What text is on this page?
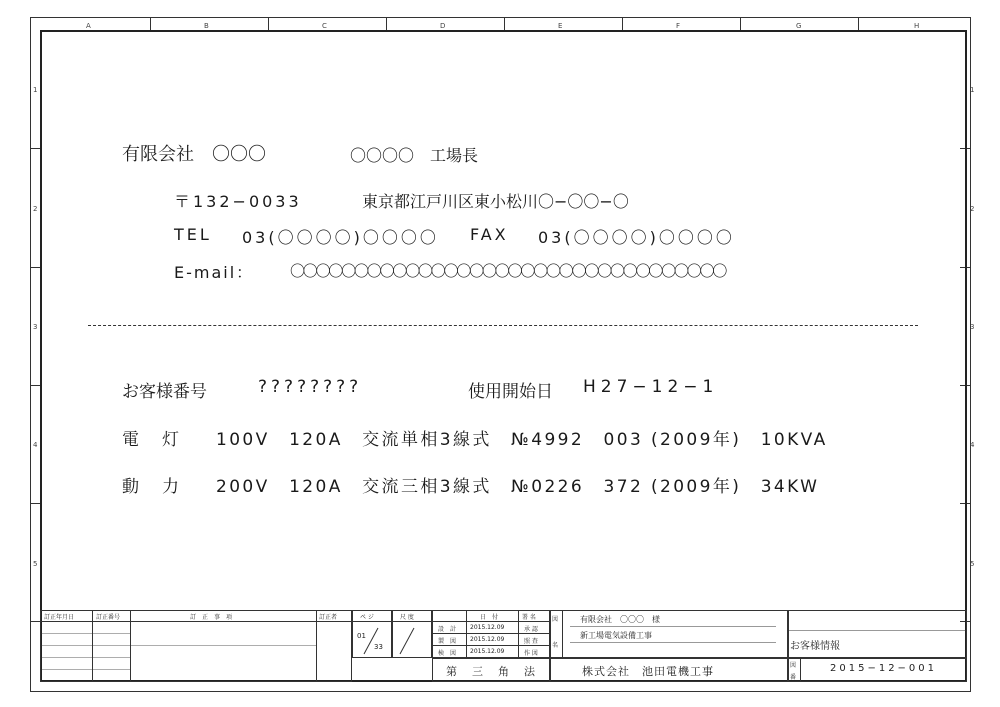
A	B	C	D	E	F	G	H
1
2
3
4
5
1
2
3
4
5
有限会社　〇〇〇	〇〇〇〇　工場長
〒132−0033	東京都江戸川区東小松川〇−〇〇−〇
TEL 03(〇〇〇〇)〇〇〇〇 FAX 03(〇〇〇〇)〇〇〇〇
E-mail： 〇〇〇〇〇〇〇〇〇〇〇〇〇〇〇〇〇〇〇〇〇〇〇〇〇〇〇〇〇〇〇〇〇〇
お客様番号	????????	使用開始日 H27−12−1
電　灯 100V　120A　交流単相3線式　№4992　003 (2009年)　10KVA
動　力 200V　120A　交流三相3線式　№0226　372 (2009年)　34KW
訂正年月日	訂正番号	訂　正　事　項	訂正者	ペ ジ	尺 度
01
33
日　付	署 名
設　計 2015.12.09	承 認
製　図 2015.12.09	照 査
検　図 2015.12.09	作 図
第　三　角　法
図
名
有限会社　〇〇〇　様
新工場電気設備工事
株式会社　池田電機工事
お客様情報
図
番
2015−12−001
